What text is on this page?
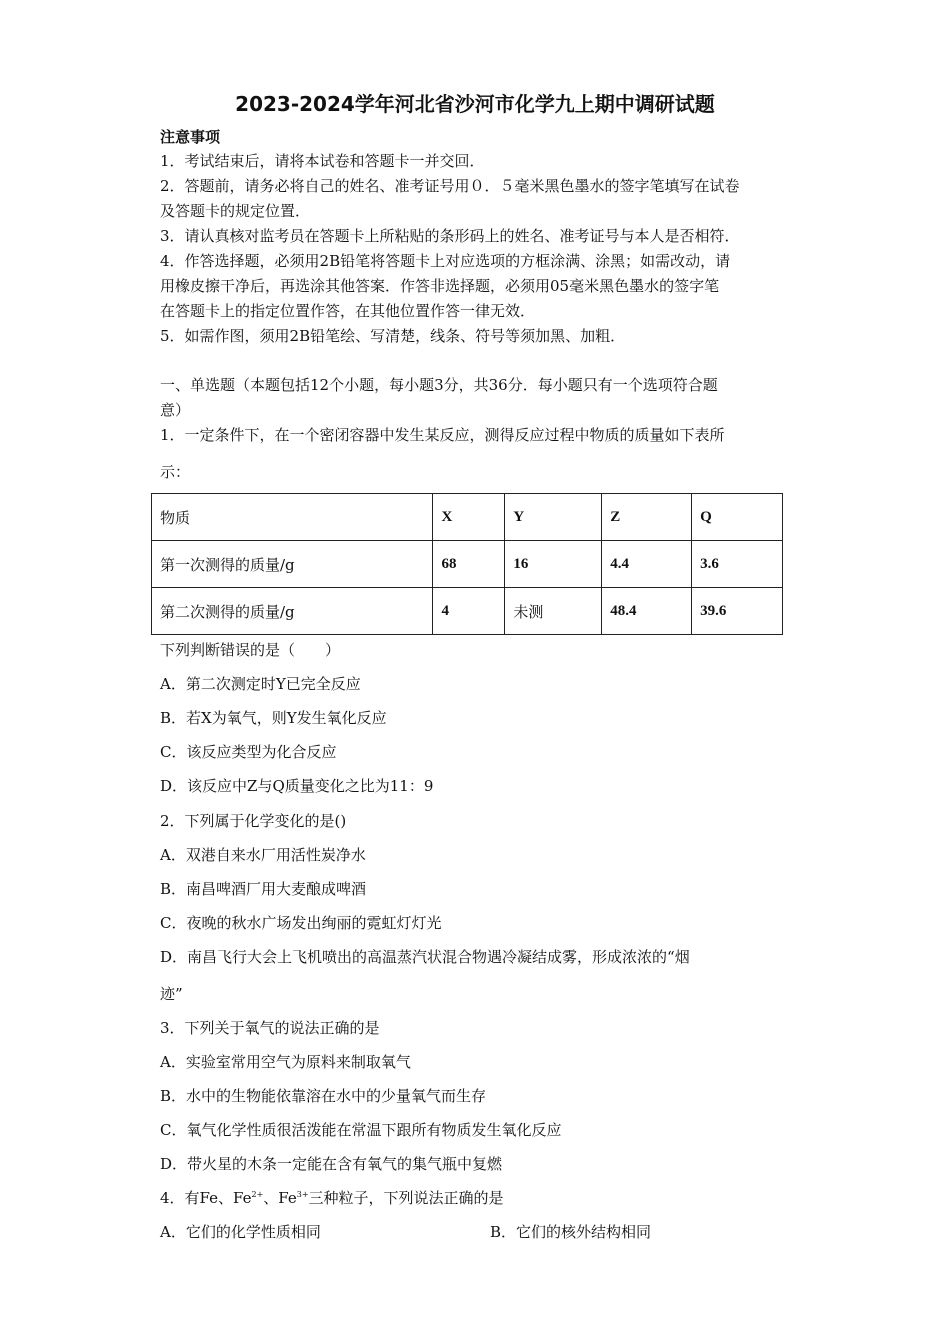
2023-2024学年河北省沙河市化学九上期中调研试题
注意事项
1．考试结束后，请将本试卷和答题卡一并交回．
2．答题前，请务必将自己的姓名、准考证号用０．５毫米黑色墨水的签字笔填写在试卷
及答题卡的规定位置．
3．请认真核对监考员在答题卡上所粘贴的条形码上的姓名、准考证号与本人是否相符．
4．作答选择题，必须用2B铅笔将答题卡上对应选项的方框涂满、涂黑；如需改动，请
用橡皮擦干净后，再选涂其他答案．作答非选择题，必须用05毫米黑色墨水的签字笔
在答题卡上的指定位置作答，在其他位置作答一律无效．
5．如需作图，须用2B铅笔绘、写清楚，线条、符号等须加黑、加粗．
一、单选题（本题包括12个小题，每小题3分，共36分．每小题只有一个选项符合题
意）
1．一定条件下，在一个密闭容器中发生某反应，测得反应过程中物质的质量如下表所
示：
物质	X	Y	Z	Q
第一次测得的质量/g	68	16	4.4	3.6
第二次测得的质量/g	4	未测	48.4	39.6
下列判断错误的是（　　）
A．第二次测定时Y已完全反应
B．若X为氧气，则Y发生氧化反应
C．该反应类型为化合反应
D．该反应中Z与Q质量变化之比为11：9
2．下列属于化学变化的是()
A．双港自来水厂用活性炭净水
B．南昌啤酒厂用大麦酿成啤酒
C．夜晚的秋水广场发出绚丽的霓虹灯灯光
D．南昌飞行大会上飞机喷出的高温蒸汽状混合物遇冷凝结成雾，形成浓浓的“烟
迹”
3．下列关于氧气的说法正确的是
A．实验室常用空气为原料来制取氧气
B．水中的生物能依靠溶在水中的少量氧气而生存
C．氧气化学性质很活泼能在常温下跟所有物质发生氧化反应
D．带火星的木条一定能在含有氧气的集气瓶中复燃
4．有Fe、$Fe^{2+}$、$Fe^{3+}$三种粒子，下列说法正确的是
A．它们的化学性质相同	B．它们的核外结构相同
